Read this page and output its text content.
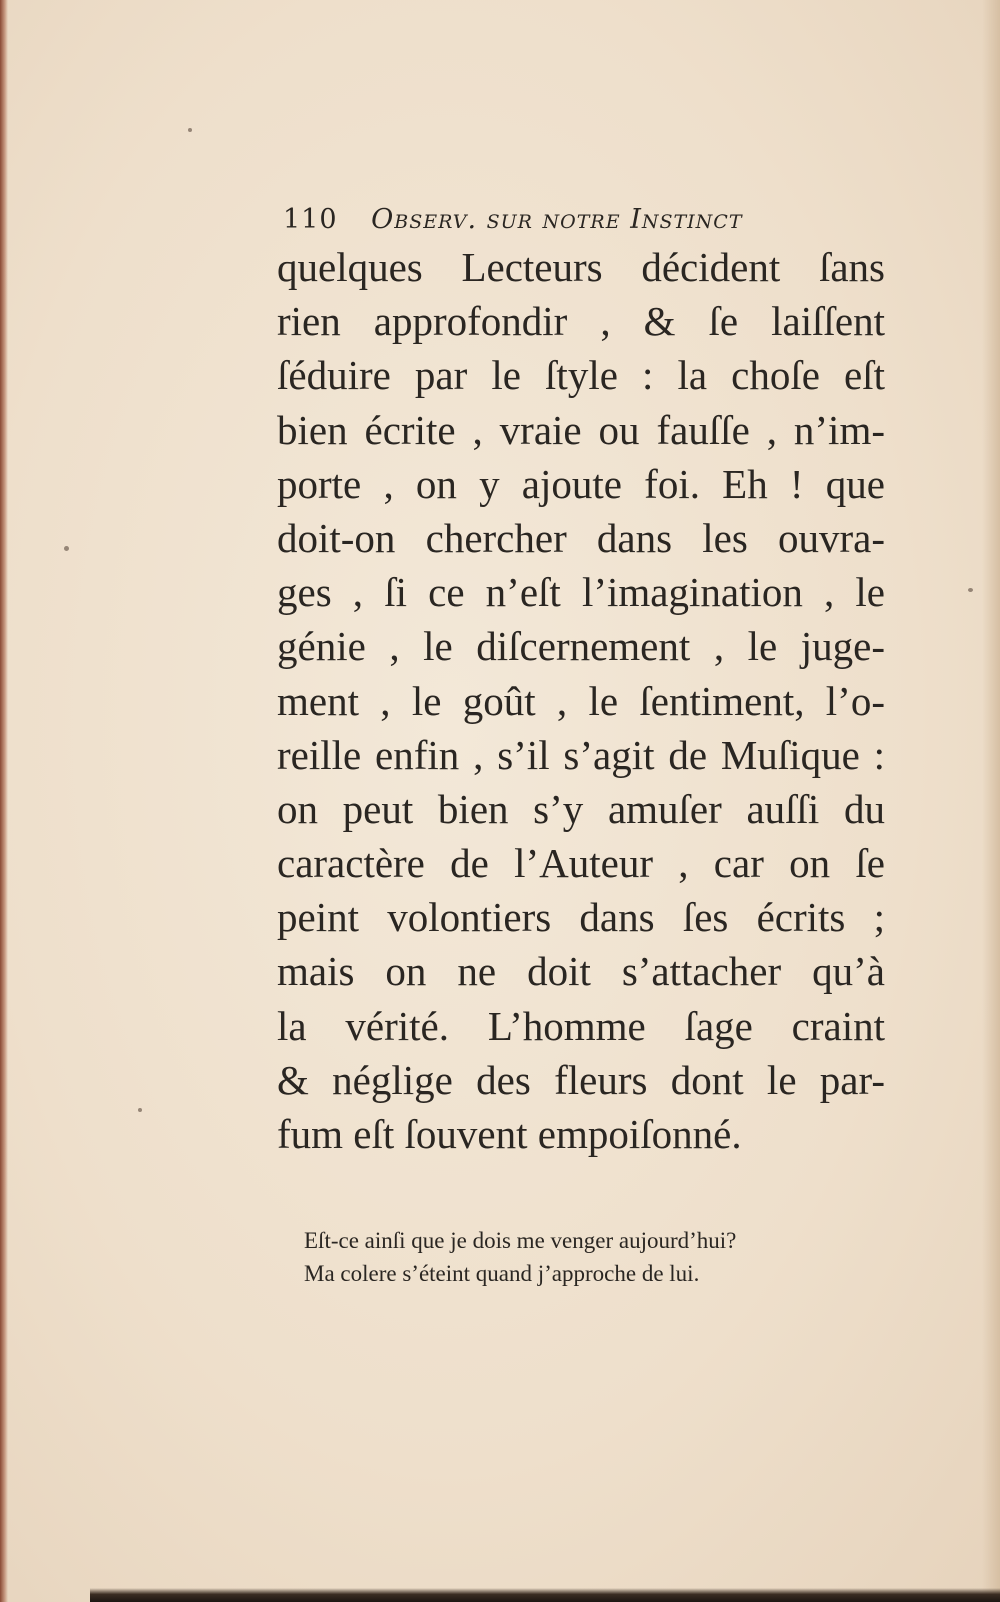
110 Observ. sur notre Instinct
quelques Lecteurs décident ſans
rien approfondir , & ſe laiſſent
ſéduire par le ſtyle : la choſe eſt
bien écrite , vraie ou fauſſe , n’im-
porte , on y ajoute foi. Eh ! que
doit-on chercher dans les ouvra-
ges , ſi ce n’eſt l’imagination , le
génie , le diſcernement , le juge-
ment , le goût , le ſentiment, l’o-
reille enfin , s’il s’agit de Muſique :
on peut bien s’y amuſer auſſi du
caractère de l’Auteur , car on ſe
peint volontiers dans ſes écrits ;
mais on ne doit s’attacher qu’à
la vérité. L’homme ſage craint
& néglige des fleurs dont le par-
fum eſt ſouvent empoiſonné.
Eſt-ce ainſi que je dois me venger aujourd’hui?
Ma colere s’éteint quand j’approche de lui.
